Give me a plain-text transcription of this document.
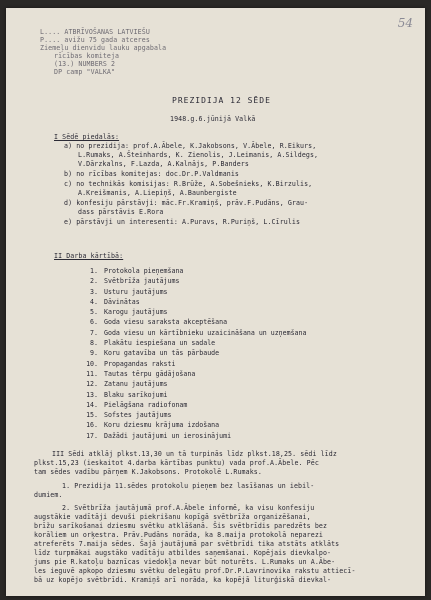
54
L.... ATBRĪVOŠANAS LATVIEŠU
P.... avižu 75 gada atceres
Ziemeļu dienvidu lauku apgabala
rīcības komiteja
(13.) NUMBERS 2
DP camp "VALKA"
PREZIDIJA 12 SĒDE
1948.g.6.jūnijā Valkā
I Sēdē piedalās:
a) no prezidija: prof.A.Ābele, K.Jakobsons, V.Ābele, R.Eikurs,
L.Rumaks, A.Šteinhards, K. Zienolis, J.Leimanis, A.Sildegs,
V.Dārzkalns, F.Lazda, A.Kalnājs, P.Banders
b) no rīcības komitejas: doc.Dr.P.Valdmanis
c) no technikās komisijas: R.Brūže, A.Sobešnieks, K.Birzulis,
A.Kreišmanis, A.Liepiņš, A.Baunbergiste
d) konfesiju pārstāvji: māc.Fr.Kramiņš, prāv.F.Pudāns, Grau-
dass pārstāvis E.Rora
e) pārstāvji un interesenti: A.Puravs, R.Puriņš, L.Cīrulis
II Darba kārtībā:
1. Protokola pieņemšana
2. Svētbrīža jautājums
3. Usturu jautājums
4. Dāvinātas
5. Karogu jautājums
6. Goda viesu saraksta akceptēšana
7. Goda viesu un kārtībnieku uzaicināšana un uzņemšana
8. Plakātu iespiešana un sadale
9. Koru gatavība un tās pārbaude
10. Propagandas raksti
11. Tautas tērpu gādājošana
12. Zatanu jautājums
13. Blaku sarīkojumi
14. Pielāgšana radiofonam
15. Sofstes jautājums
16. Koru dziesmu krājuma izdošana
17. Dažādi jautājumi un ierosinājumi
III Sēdi atklāj plkst.13,30 un tā turpinās līdz plkst.18,25. sēdi līdz
plkst.15,23 (ieskaitot 4.darba kārtības punktu) vada prof.A.Ābele. Pēc
tam sēdes vadību pārņem K.Jakobsons. Protokolē L.Rumaks.
1. Prezidija 11.sēdes protokolu pieņem bez lasīšanas un iebil-
dumiem.
2. Svētbrīža jautājumā prof.A.Ābele informē, ka visu konfesiju
augstākie vadītāji devuši piekrišanu kopīgā svētbrīža organizēšanai,
brīžu sarīkošanai dziesmu svētku atklāšanā. Šis svētbrīdis paredzēts bez
korāliem un orķestra. Prāv.Pudāns norāda, ka 8.maija protokolā neparezi
atreferēts 7.maija sēdes. Šajā jautājumā par svētbrīdi tika atstāts atklāts
līdz turpmākai augstāko vadītāju atbildes saņemšanai. Kopējais dievkalpo-
jums pie R.katoļu baznīcas viedokļa nevar būt noturēts. L.Rumaks un A.Ābe-
les ieguvē apkopo dziesmu svētku delegātu prof.Dr.P.Lavrinovika rakstu attiecī-
bā uz kopējo svētbrīdi. Kramiņš arī norāda, ka kopējā liturģiskā dievkal-
